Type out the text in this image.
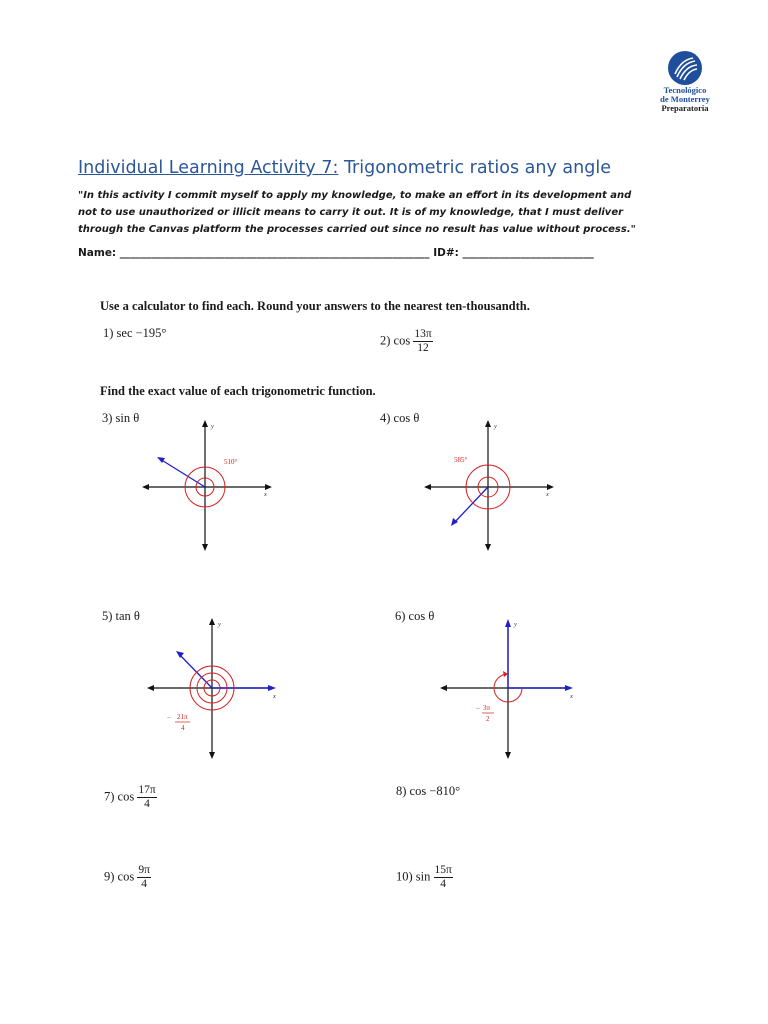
Tecnológico
de Monterrey
Preparatoria
Individual Learning Activity 7: Trigonometric ratios any angle
"In this activity I commit myself to apply my knowledge, to make an effort in its development and not to use unauthorized or illicit means to carry it out. It is of my knowledge, that I must deliver through the Canvas platform the processes carried out since no result has value without process."
Name: ___________________________________________________________ ID#: _________________________
Use a calculator to find each. Round your answers to the nearest ten-thousandth.
1) sec −195°
2) $\cos \frac{13\pi}{12}$
Find the exact value of each trigonometric function.
3) sin θ	4) cos θ
y
x
510°
y
x
585°
5) tan θ	6) cos θ
y
x
− 21π
4
y
x
− 3π
2
7) $\cos \frac{17\pi}{4}$	8) cos −810°
9) $\cos \frac{9\pi}{4}$	10) $\sin \frac{15\pi}{4}$
